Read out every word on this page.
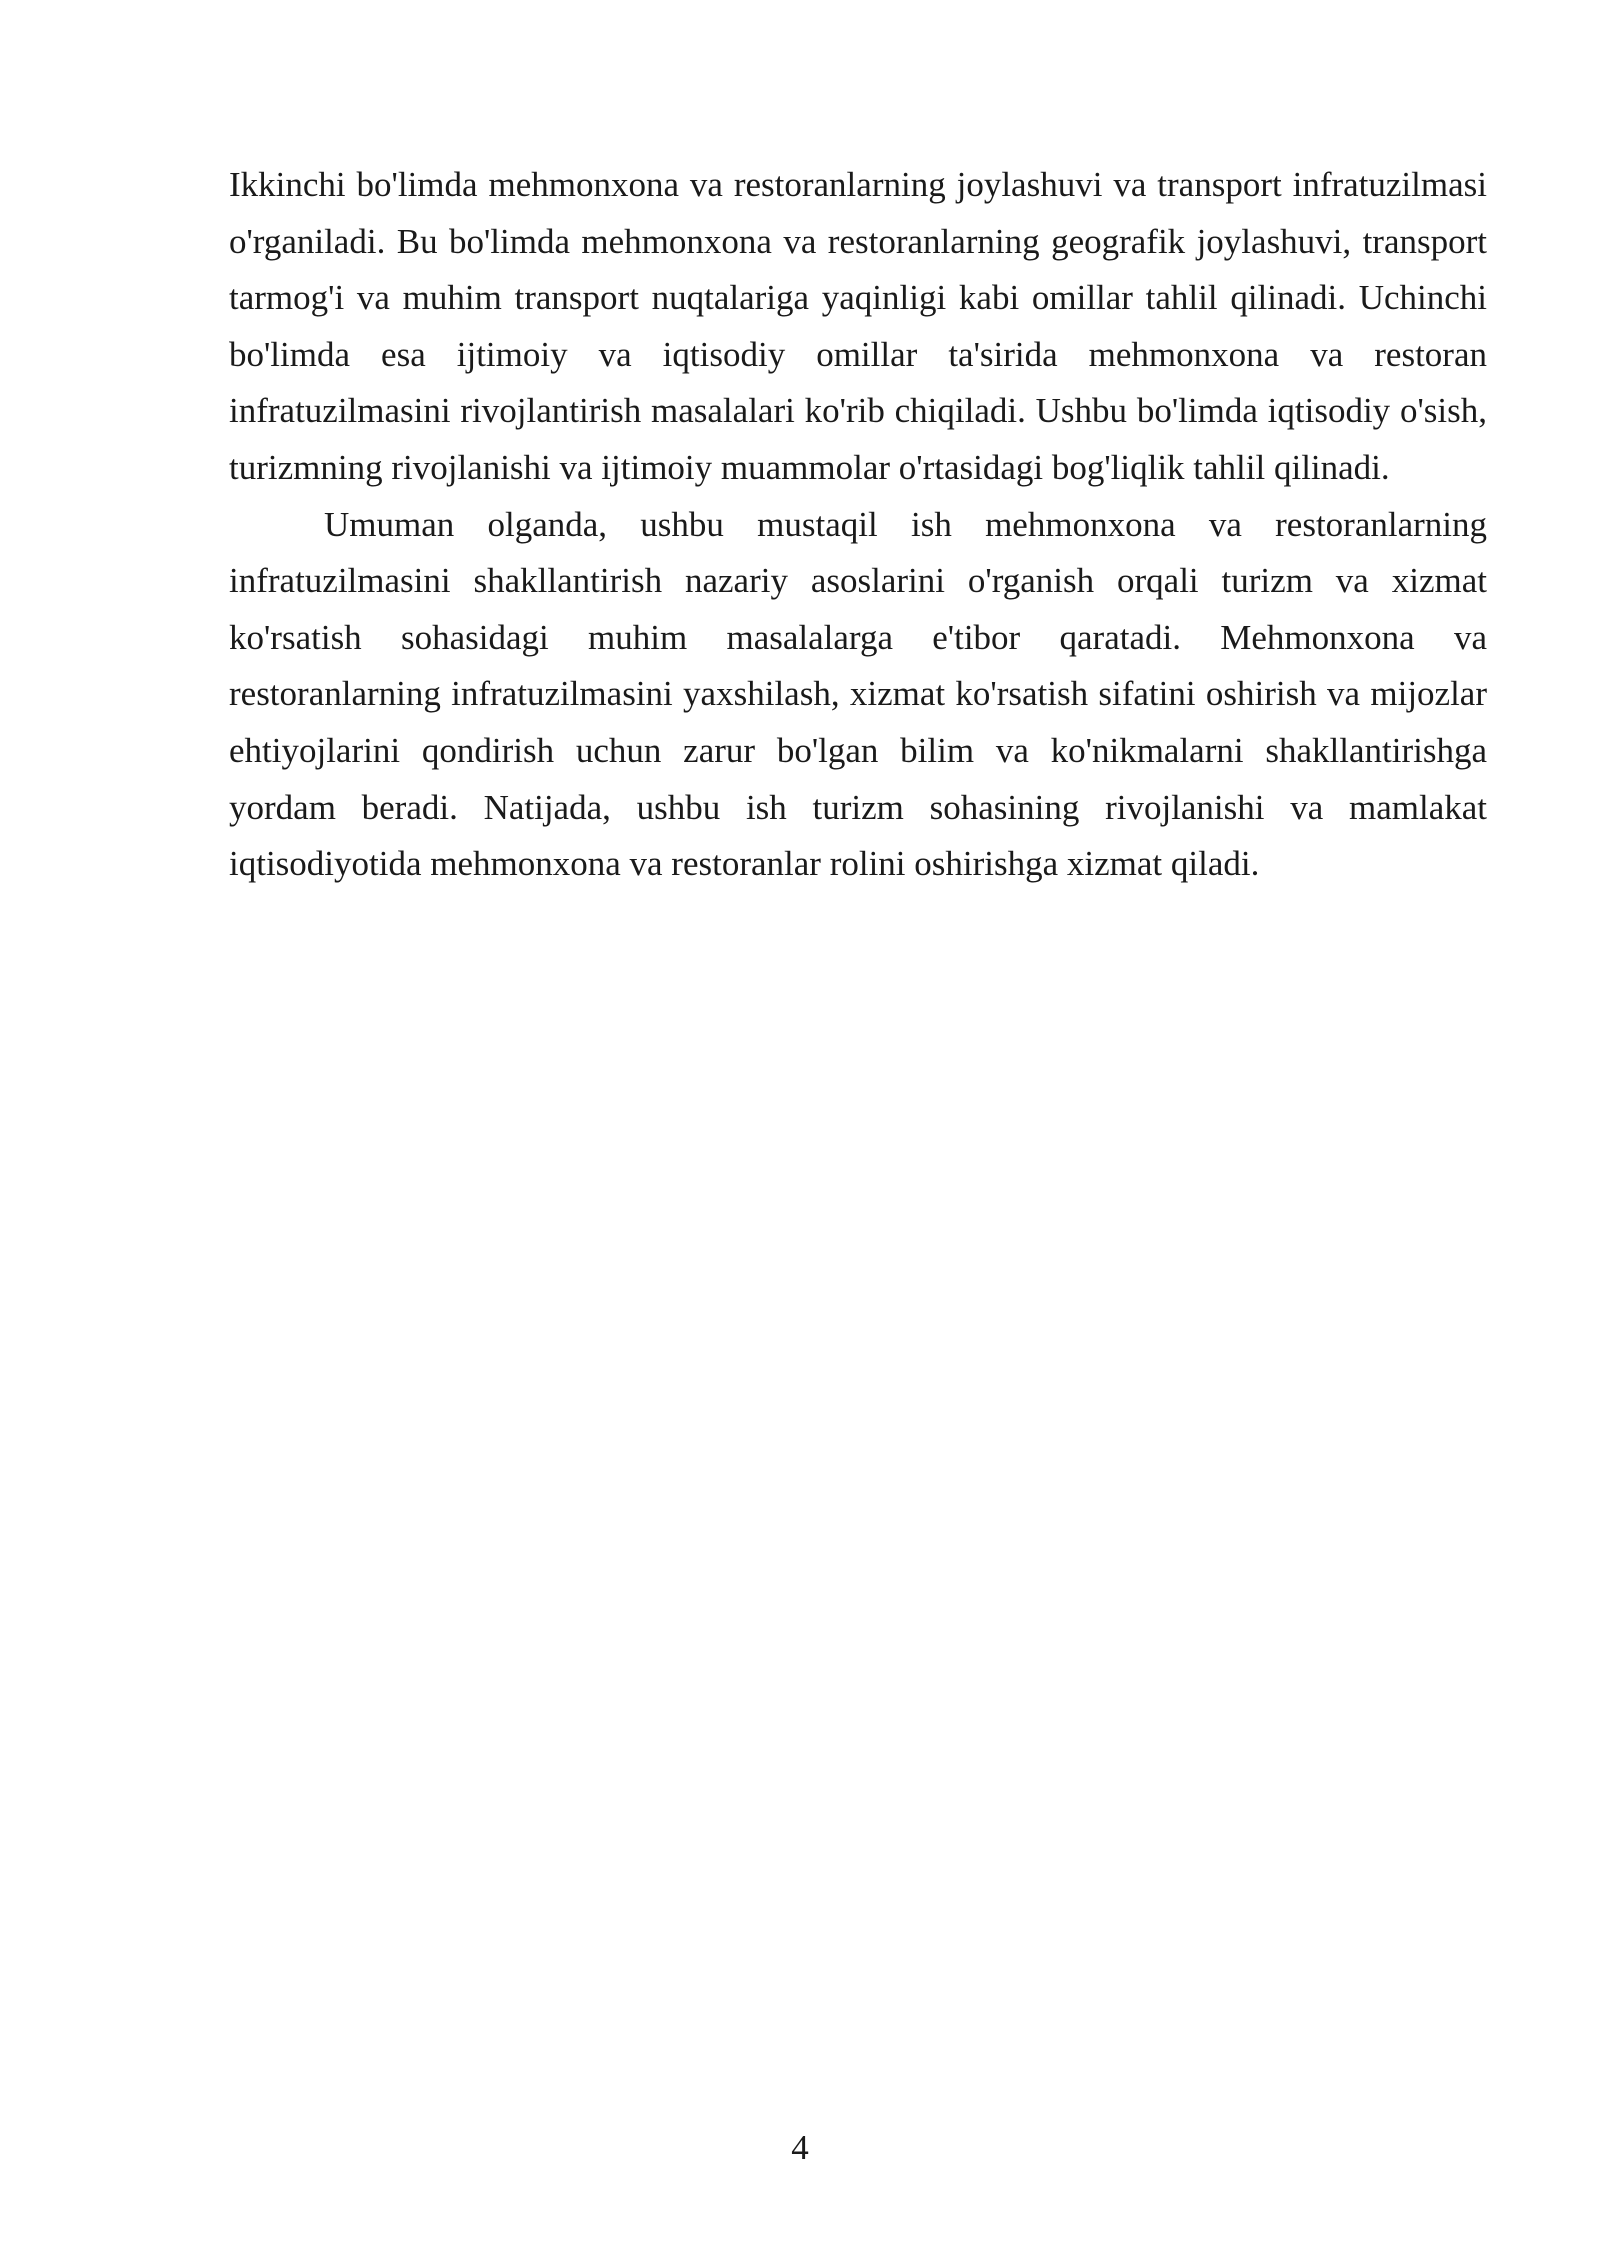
Ikkinchi bo'limda mehmonxona va restoranlarning joylashuvi va transport infratuzilmasi o'rganiladi. Bu bo'limda mehmonxona va restoranlarning geografik joylashuvi, transport tarmog'i va muhim transport nuqtalariga yaqinligi kabi omillar tahlil qilinadi. Uchinchi bo'limda esa ijtimoiy va iqtisodiy omillar ta'sirida mehmonxona va restoran infratuzilmasini rivojlantirish masalalari ko'rib chiqiladi. Ushbu bo'limda iqtisodiy o'sish, turizmning rivojlanishi va ijtimoiy muammolar o'rtasidagi bog'liqlik tahlil qilinadi.

Umuman olganda, ushbu mustaqil ish mehmonxona va restoranlarning infratuzilmasini shakllantirish nazariy asoslarini o'rganish orqali turizm va xizmat ko'rsatish sohasidagi muhim masalalarga e'tibor qaratadi. Mehmonxona va restoranlarning infratuzilmasini yaxshilash, xizmat ko'rsatish sifatini oshirish va mijozlar ehtiyojlarini qondirish uchun zarur bo'lgan bilim va ko'nikmalarni shakllantirishga yordam beradi. Natijada, ushbu ish turizm sohasining rivojlanishi va mamlakat iqtisodiyotida mehmonxona va restoranlar rolini oshirishga xizmat qiladi.

4
